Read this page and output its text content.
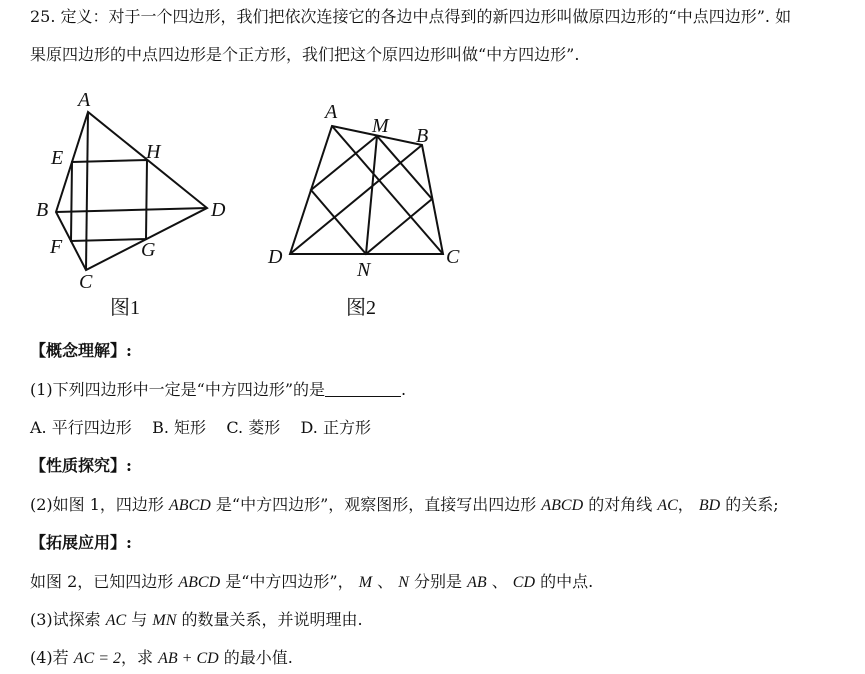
25. 定义：对于一个四边形，我们把依次连接它的各边中点得到的新四边形叫做原四边形的“中点四边形”. 如
果原四边形的中点四边形是个正方形，我们把这个原四边形叫做“中方四边形”.
A
E	H
B	D
F	G
C
图1
A
M B
D
N
C
图2
【概念理解】:
(1)下列四边形中一定是“中方四边形”的是	.
A. 平行四边形    B. 矩形    C. 菱形    D. 正方形
【性质探究】:
(2)如图 1，四边形 ABCD 是“中方四边形”，观察图形，直接写出四边形 ABCD 的对角线 AC， BD 的关系;
【拓展应用】:
如图 2，已知四边形 ABCD 是“中方四边形”， M 、 N 分别是 AB 、 CD 的中点.
(3)试探索 AC 与 MN 的数量关系，并说明理由.
(4)若 AC = 2，求 AB + CD 的最小值.
